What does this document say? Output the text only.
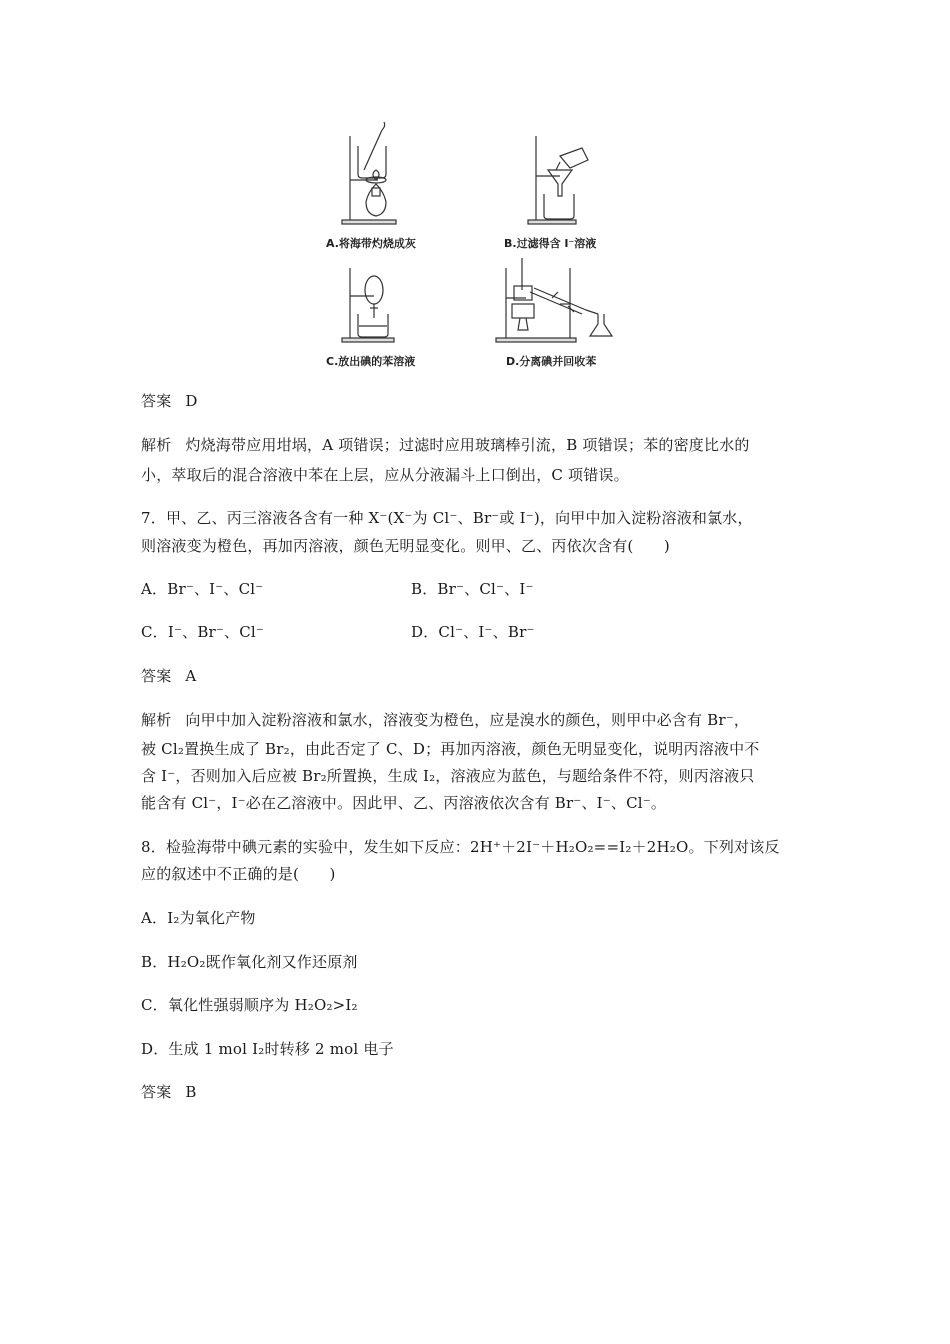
A.将海带灼烧成灰	B.过滤得含 I⁻溶液
C.放出碘的苯溶液	D.分离碘并回收苯
答案 D
解析 灼烧海带应用坩埚，A 项错误；过滤时应用玻璃棒引流，B 项错误；苯的密度比水的
小，萃取后的混合溶液中苯在上层，应从分液漏斗上口倒出，C 项错误。
7．甲、乙、丙三溶液各含有一种 X⁻(X⁻为 Cl⁻、Br⁻或 I⁻)，向甲中加入淀粉溶液和氯水，
则溶液变为橙色，再加丙溶液，颜色无明显变化。则甲、乙、丙依次含有(　　)
A．Br⁻、I⁻、Cl⁻	B．Br⁻、Cl⁻、I⁻
C．I⁻、Br⁻、Cl⁻	D．Cl⁻、I⁻、Br⁻
答案 A
解析 向甲中加入淀粉溶液和氯水，溶液变为橙色，应是溴水的颜色，则甲中必含有 Br⁻，
被 Cl₂置换生成了 Br₂，由此否定了 C、D；再加丙溶液，颜色无明显变化，说明丙溶液中不
含 I⁻，否则加入后应被 Br₂所置换，生成 I₂，溶液应为蓝色，与题给条件不符，则丙溶液只
能含有 Cl⁻，I⁻必在乙溶液中。因此甲、乙、丙溶液依次含有 Br⁻、I⁻、Cl⁻。
8．检验海带中碘元素的实验中，发生如下反应：2H⁺＋2I⁻＋H₂O₂==I₂＋2H₂O。下列对该反
应的叙述中不正确的是(　　)
A．I₂为氧化产物
B．H₂O₂既作氧化剂又作还原剂
C．氧化性强弱顺序为 H₂O₂>I₂
D．生成 1 mol I₂时转移 2 mol 电子
答案 B
